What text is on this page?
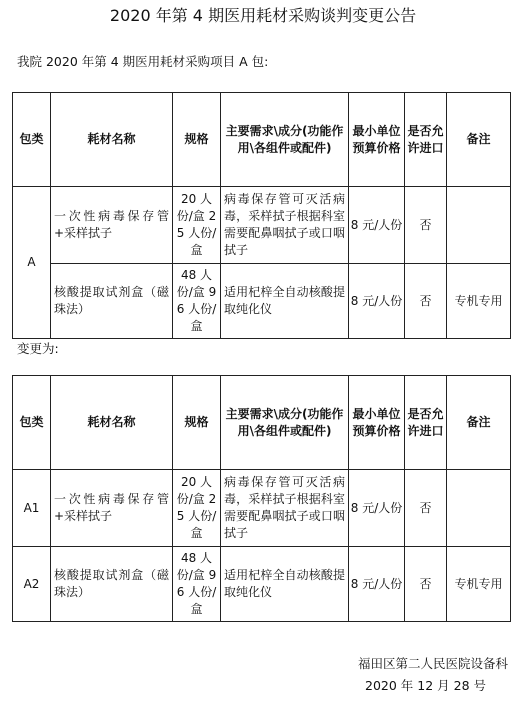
2020 年第 4 期医用耗材采购谈判变更公告
我院 2020 年第 4 期医用耗材采购项目 A 包:
包类	耗材名称	规格	主要需求\成分(功能作用\各组件或配件)	最小单位预算价格	是否允许进口	备注
A	一次性病毒保存管+采样拭子	20 人份/盒 25 人份/盒	病毒保存管可灭活病毒，采样拭子根据科室需要配鼻咽拭子或口咽拭子	8 元/人份	否	
	核酸提取试剂盒（磁珠法）	48 人份/盒 96 人份/盒	适用杞梓全自动核酸提取纯化仪	8 元/人份	否	专机专用
变更为:
包类	耗材名称	规格	主要需求\成分(功能作用\各组件或配件)	最小单位预算价格	是否允许进口	备注
A1	一次性病毒保存管+采样拭子	20 人份/盒 25 人份/盒	病毒保存管可灭活病毒，采样拭子根据科室需要配鼻咽拭子或口咽拭子	8 元/人份	否	
A2	核酸提取试剂盒（磁珠法）	48 人份/盒 96 人份/盒	适用杞梓全自动核酸提取纯化仪	8 元/人份	否	专机专用
福田区第二人民医院设备科
2020 年 12 月 28 号
